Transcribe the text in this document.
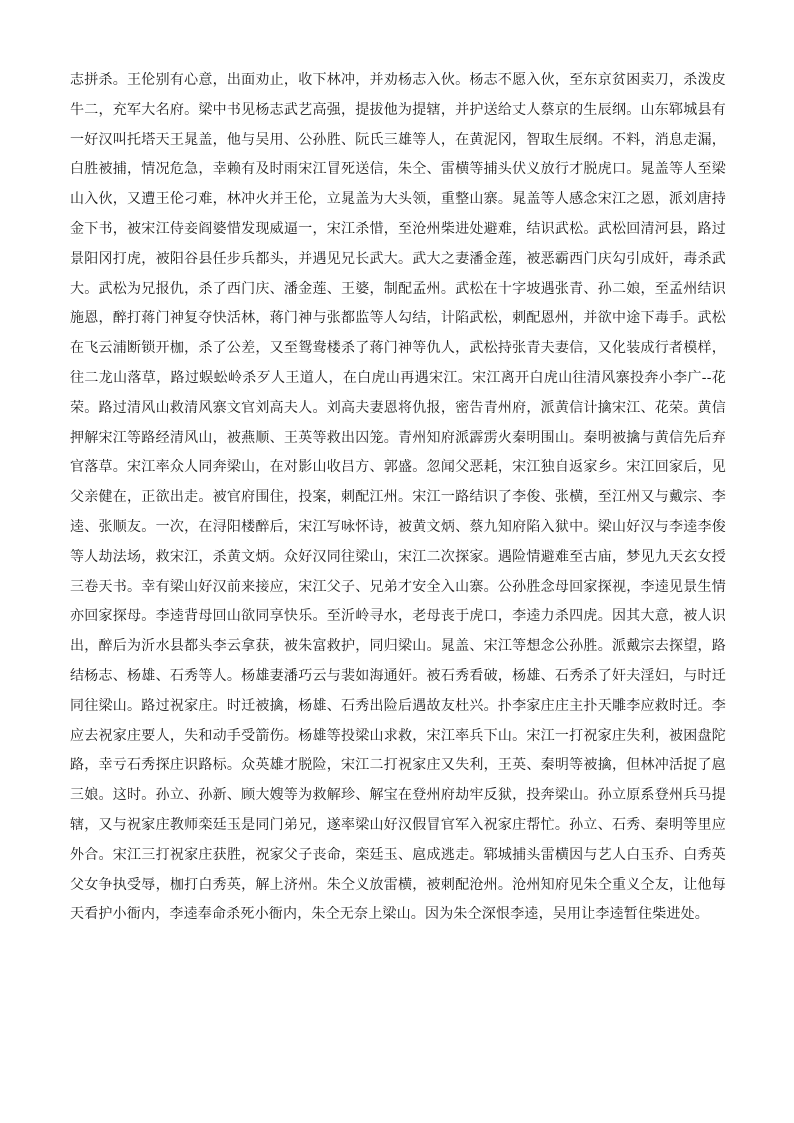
志拼杀。王伦别有心意，出面劝止，收下林冲，并劝杨志入伙。杨志不愿入伙，至东京贫困卖刀，杀泼皮牛二，充军大名府。梁中书见杨志武艺高强，提拔他为提辖，并护送给丈人蔡京的生辰纲。山东郓城县有一好汉叫托塔天王晁盖，他与吴用、公孙胜、阮氏三雄等人，在黄泥冈，智取生辰纲。不料，消息走漏，白胜被捕，情况危急，幸赖有及时雨宋江冒死送信，朱仝、雷横等捕头伏义放行才脱虎口。晁盖等人至梁山入伙，又遭王伦刁难，林冲火并王伦，立晁盖为大头领，重整山寨。晁盖等人感念宋江之恩，派刘唐持金下书，被宋江侍妾阎婆惜发现威逼一，宋江杀惜，至沧州柴进处避难，结识武松。武松回清河县，路过景阳冈打虎，被阳谷县任步兵都头，并遇见兄长武大。武大之妻潘金莲，被恶霸西门庆勾引成奸，毒杀武大。武松为兄报仇，杀了西门庆、潘金莲、王婆，制配孟州。武松在十字坡遇张青、孙二娘，至孟州结识施恩，醉打蒋门神复夺快活林，蒋门神与张都监等人勾结，计陷武松，刺配恩州，并欲中途下毒手。武松在飞云浦断锁开枷，杀了公差，又至鸳鸯楼杀了蒋门神等仇人，武松持张青夫妻信，又化装成行者模样，往二龙山落草，路过蜈蚣岭杀歹人王道人，在白虎山再遇宋江。宋江离开白虎山往清风寨投奔小李广--花荣。路过清风山救清风寨文官刘高夫人。刘高夫妻恩将仇报，密告青州府，派黄信计擒宋江、花荣。黄信押解宋江等路经清风山，被燕顺、王英等救出囚笼。青州知府派霹雳火秦明围山。秦明被擒与黄信先后弃官落草。宋江率众人同奔梁山，在对影山收吕方、郭盛。忽闻父恶耗，宋江独自返家乡。宋江回家后，见父亲健在，正欲出走。被官府围住，投案，刺配江州。宋江一路结识了李俊、张横，至江州又与戴宗、李逵、张顺友。一次，在浔阳楼醉后，宋江写咏怀诗，被黄文炳、蔡九知府陷入狱中。梁山好汉与李逵李俊等人劫法场，救宋江，杀黄文炳。众好汉同往梁山，宋江二次探家。遇险情避难至古庙，梦见九天玄女授三卷天书。幸有梁山好汉前来接应，宋江父子、兄弟才安全入山寨。公孙胜念母回家探视，李逵见景生情亦回家探母。李逵背母回山欲同享快乐。至沂岭寻水，老母丧于虎口，李逵力杀四虎。因其大意，被人识出，醉后为沂水县都头李云拿获，被朱富救护，同归梁山。晁盖、宋江等想念公孙胜。派戴宗去探望，路结杨志、杨雄、石秀等人。杨雄妻潘巧云与裴如海通奸。被石秀看破，杨雄、石秀杀了奸夫淫妇，与时迁同往梁山。路过祝家庄。时迁被擒，杨雄、石秀出险后遇故友杜兴。扑李家庄庄主扑天雕李应救时迁。李应去祝家庄要人，失和动手受箭伤。杨雄等投梁山求救，宋江率兵下山。宋江一打祝家庄失利，被困盘陀路，幸亏石秀探庄识路标。众英雄才脱险，宋江二打祝家庄又失利，王英、秦明等被擒，但林冲活捉了扈三娘。这时。孙立、孙新、顾大嫂等为救解珍、解宝在登州府劫牢反狱，投奔梁山。孙立原系登州兵马提辖，又与祝家庄教师栾廷玉是同门弟兄，遂率梁山好汉假冒官军入祝家庄帮忙。孙立、石秀、秦明等里应外合。宋江三打祝家庄获胜，祝家父子丧命，栾廷玉、扈成逃走。郓城捕头雷横因与艺人白玉乔、白秀英父女争执受辱，枷打白秀英，解上济州。朱仝义放雷横，被刺配沧州。沧州知府见朱仝重义仝友，让他每天看护小衙内，李逵奉命杀死小衙内，朱仝无奈上梁山。因为朱仝深恨李逵，吴用让李逵暂住柴进处。
